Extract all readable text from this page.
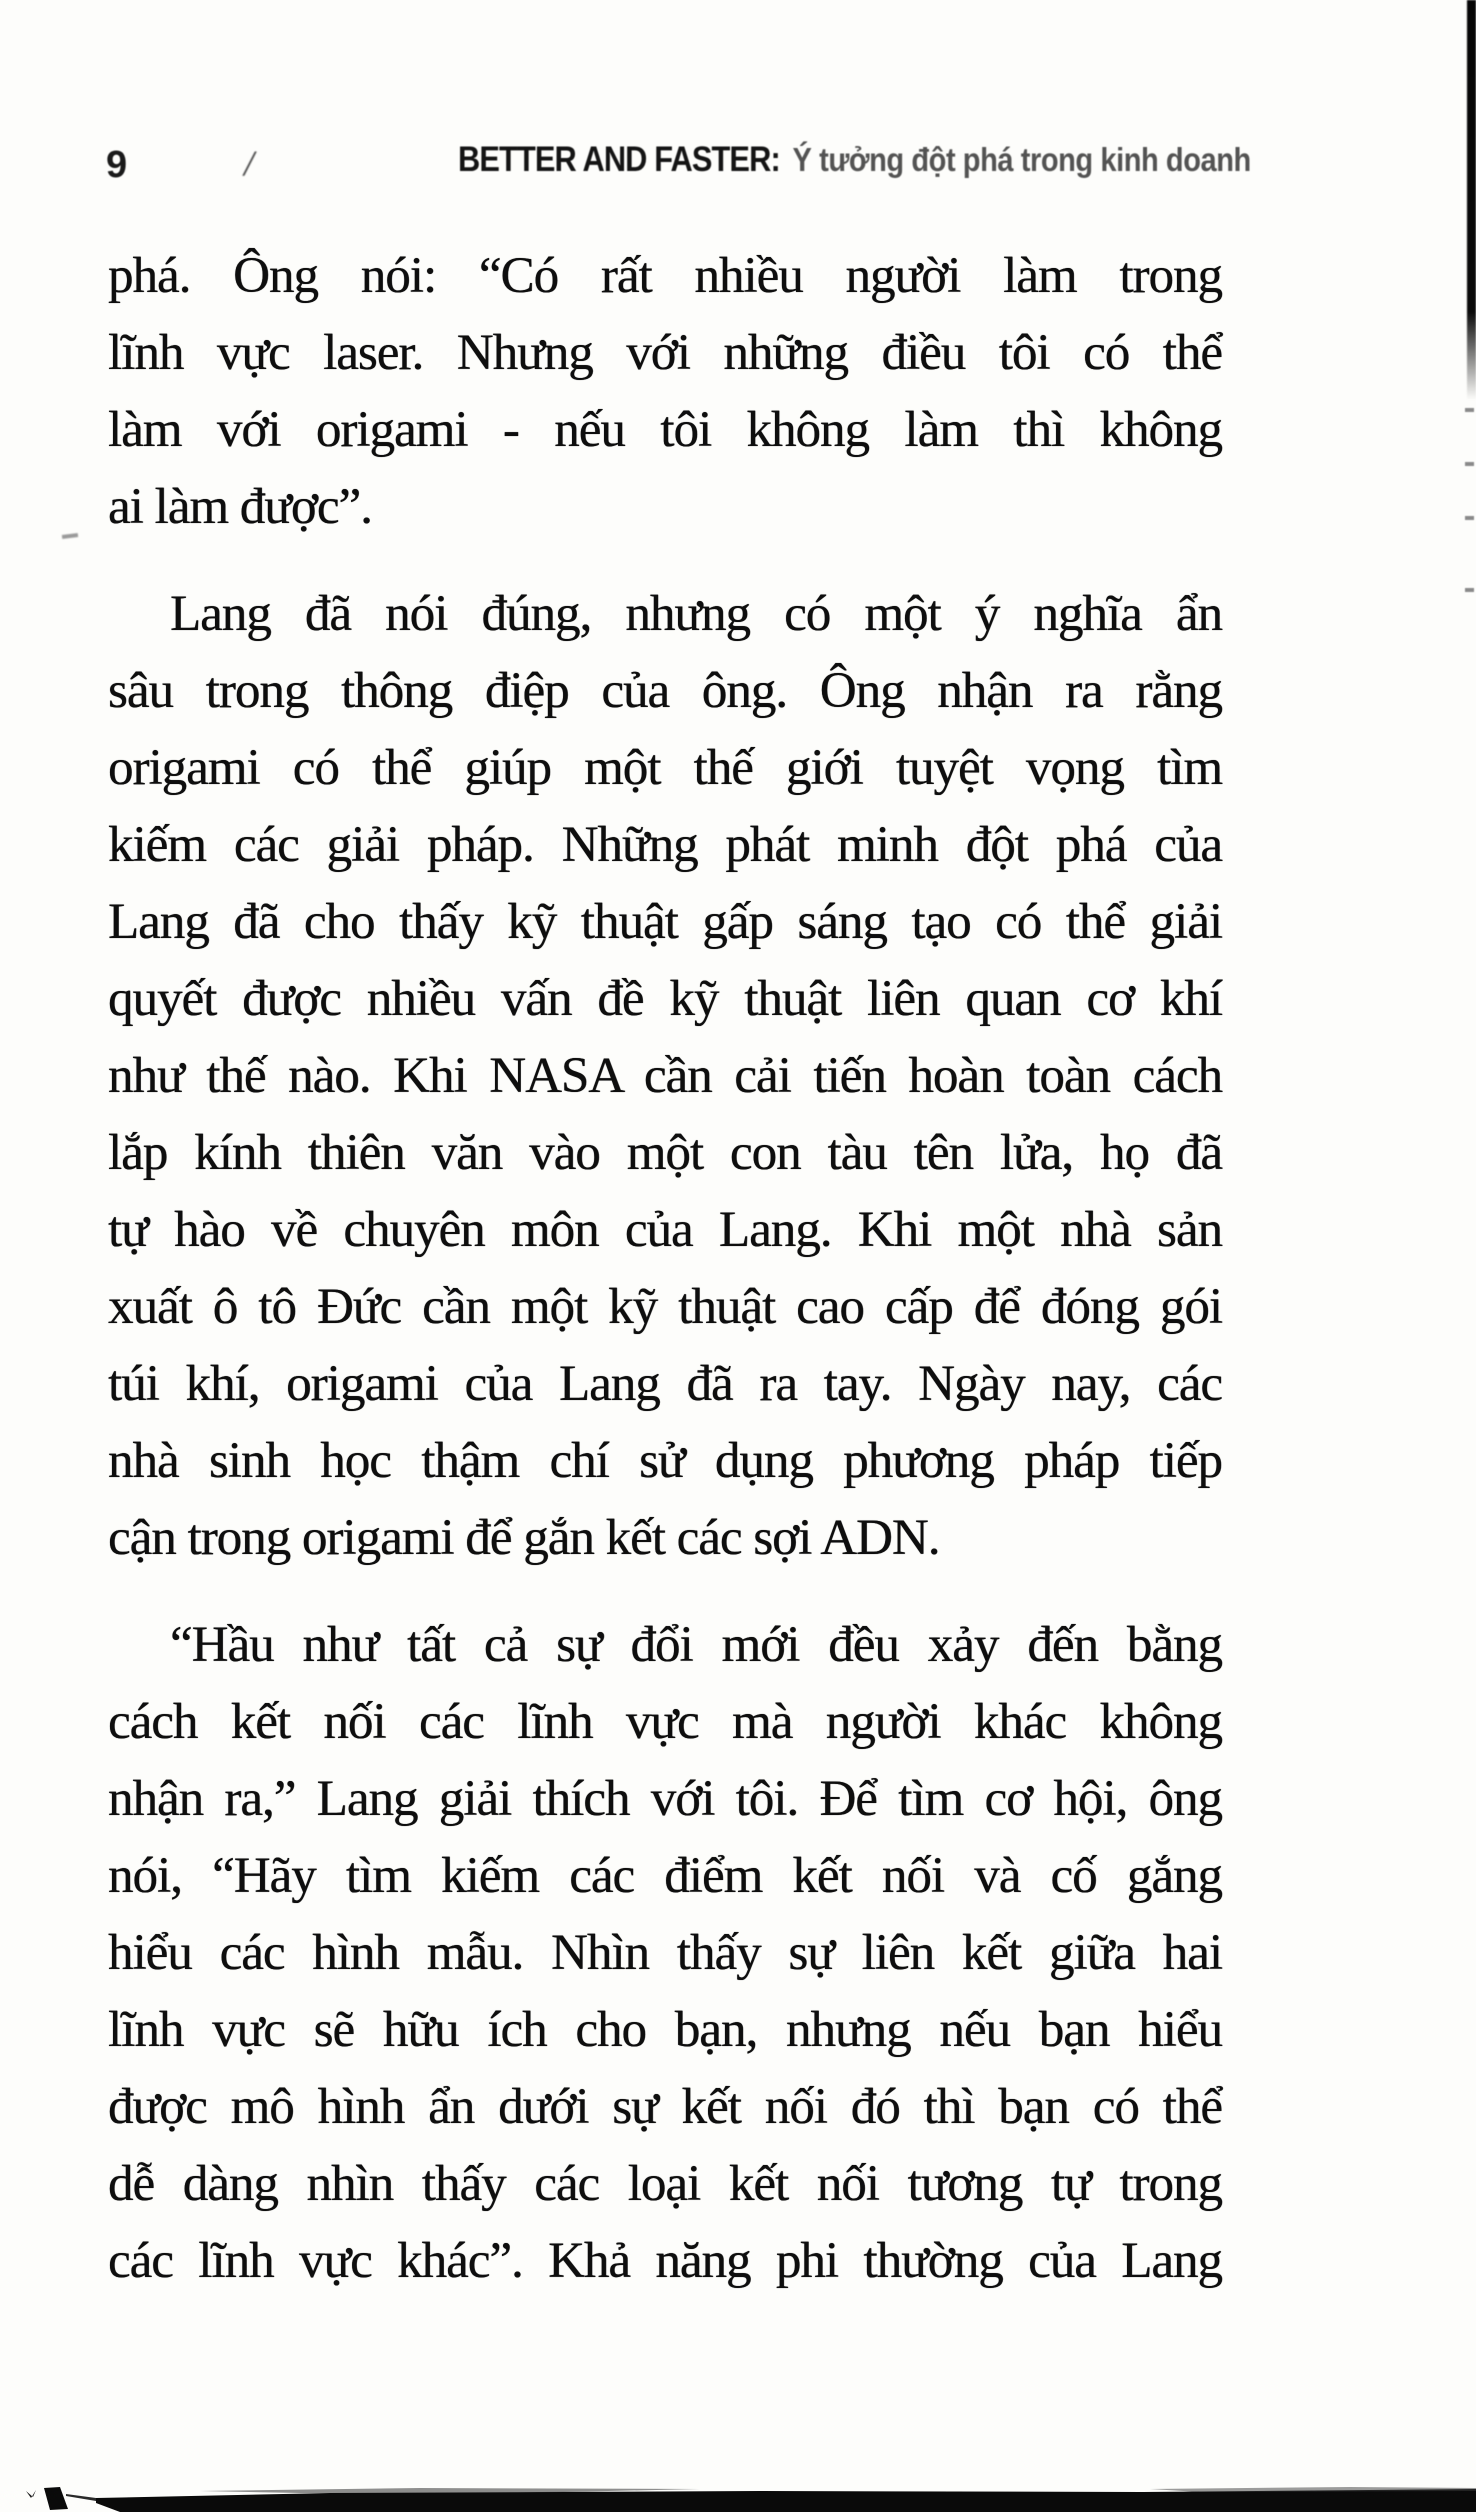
9	/	BETTER AND FASTER: Ý tưởng đột phá trong kinh doanh
phá. Ông nói: “Có rất nhiều người làm trong
lĩnh vực laser. Nhưng với những điều tôi có thể
làm với origami - nếu tôi không làm thì không
ai làm được”.
Lang đã nói đúng, nhưng có một ý nghĩa ẩn
sâu trong thông điệp của ông. Ông nhận ra rằng
origami có thể giúp một thế giới tuyệt vọng tìm
kiếm các giải pháp. Những phát minh đột phá của
Lang đã cho thấy kỹ thuật gấp sáng tạo có thể giải
quyết được nhiều vấn đề kỹ thuật liên quan cơ khí
như thế nào. Khi NASA cần cải tiến hoàn toàn cách
lắp kính thiên văn vào một con tàu tên lửa, họ đã
tự hào về chuyên môn của Lang. Khi một nhà sản
xuất ô tô Đức cần một kỹ thuật cao cấp để đóng gói
túi khí, origami của Lang đã ra tay. Ngày nay, các
nhà sinh học thậm chí sử dụng phương pháp tiếp
cận trong origami để gắn kết các sợi ADN.
“Hầu như tất cả sự đổi mới đều xảy đến bằng
cách kết nối các lĩnh vực mà người khác không
nhận ra,” Lang giải thích với tôi. Để tìm cơ hội, ông
nói, “Hãy tìm kiếm các điểm kết nối và cố gắng
hiểu các hình mẫu. Nhìn thấy sự liên kết giữa hai
lĩnh vực sẽ hữu ích cho bạn, nhưng nếu bạn hiểu
được mô hình ẩn dưới sự kết nối đó thì bạn có thể
dễ dàng nhìn thấy các loại kết nối tương tự trong
các lĩnh vực khác”. Khả năng phi thường của Lang
